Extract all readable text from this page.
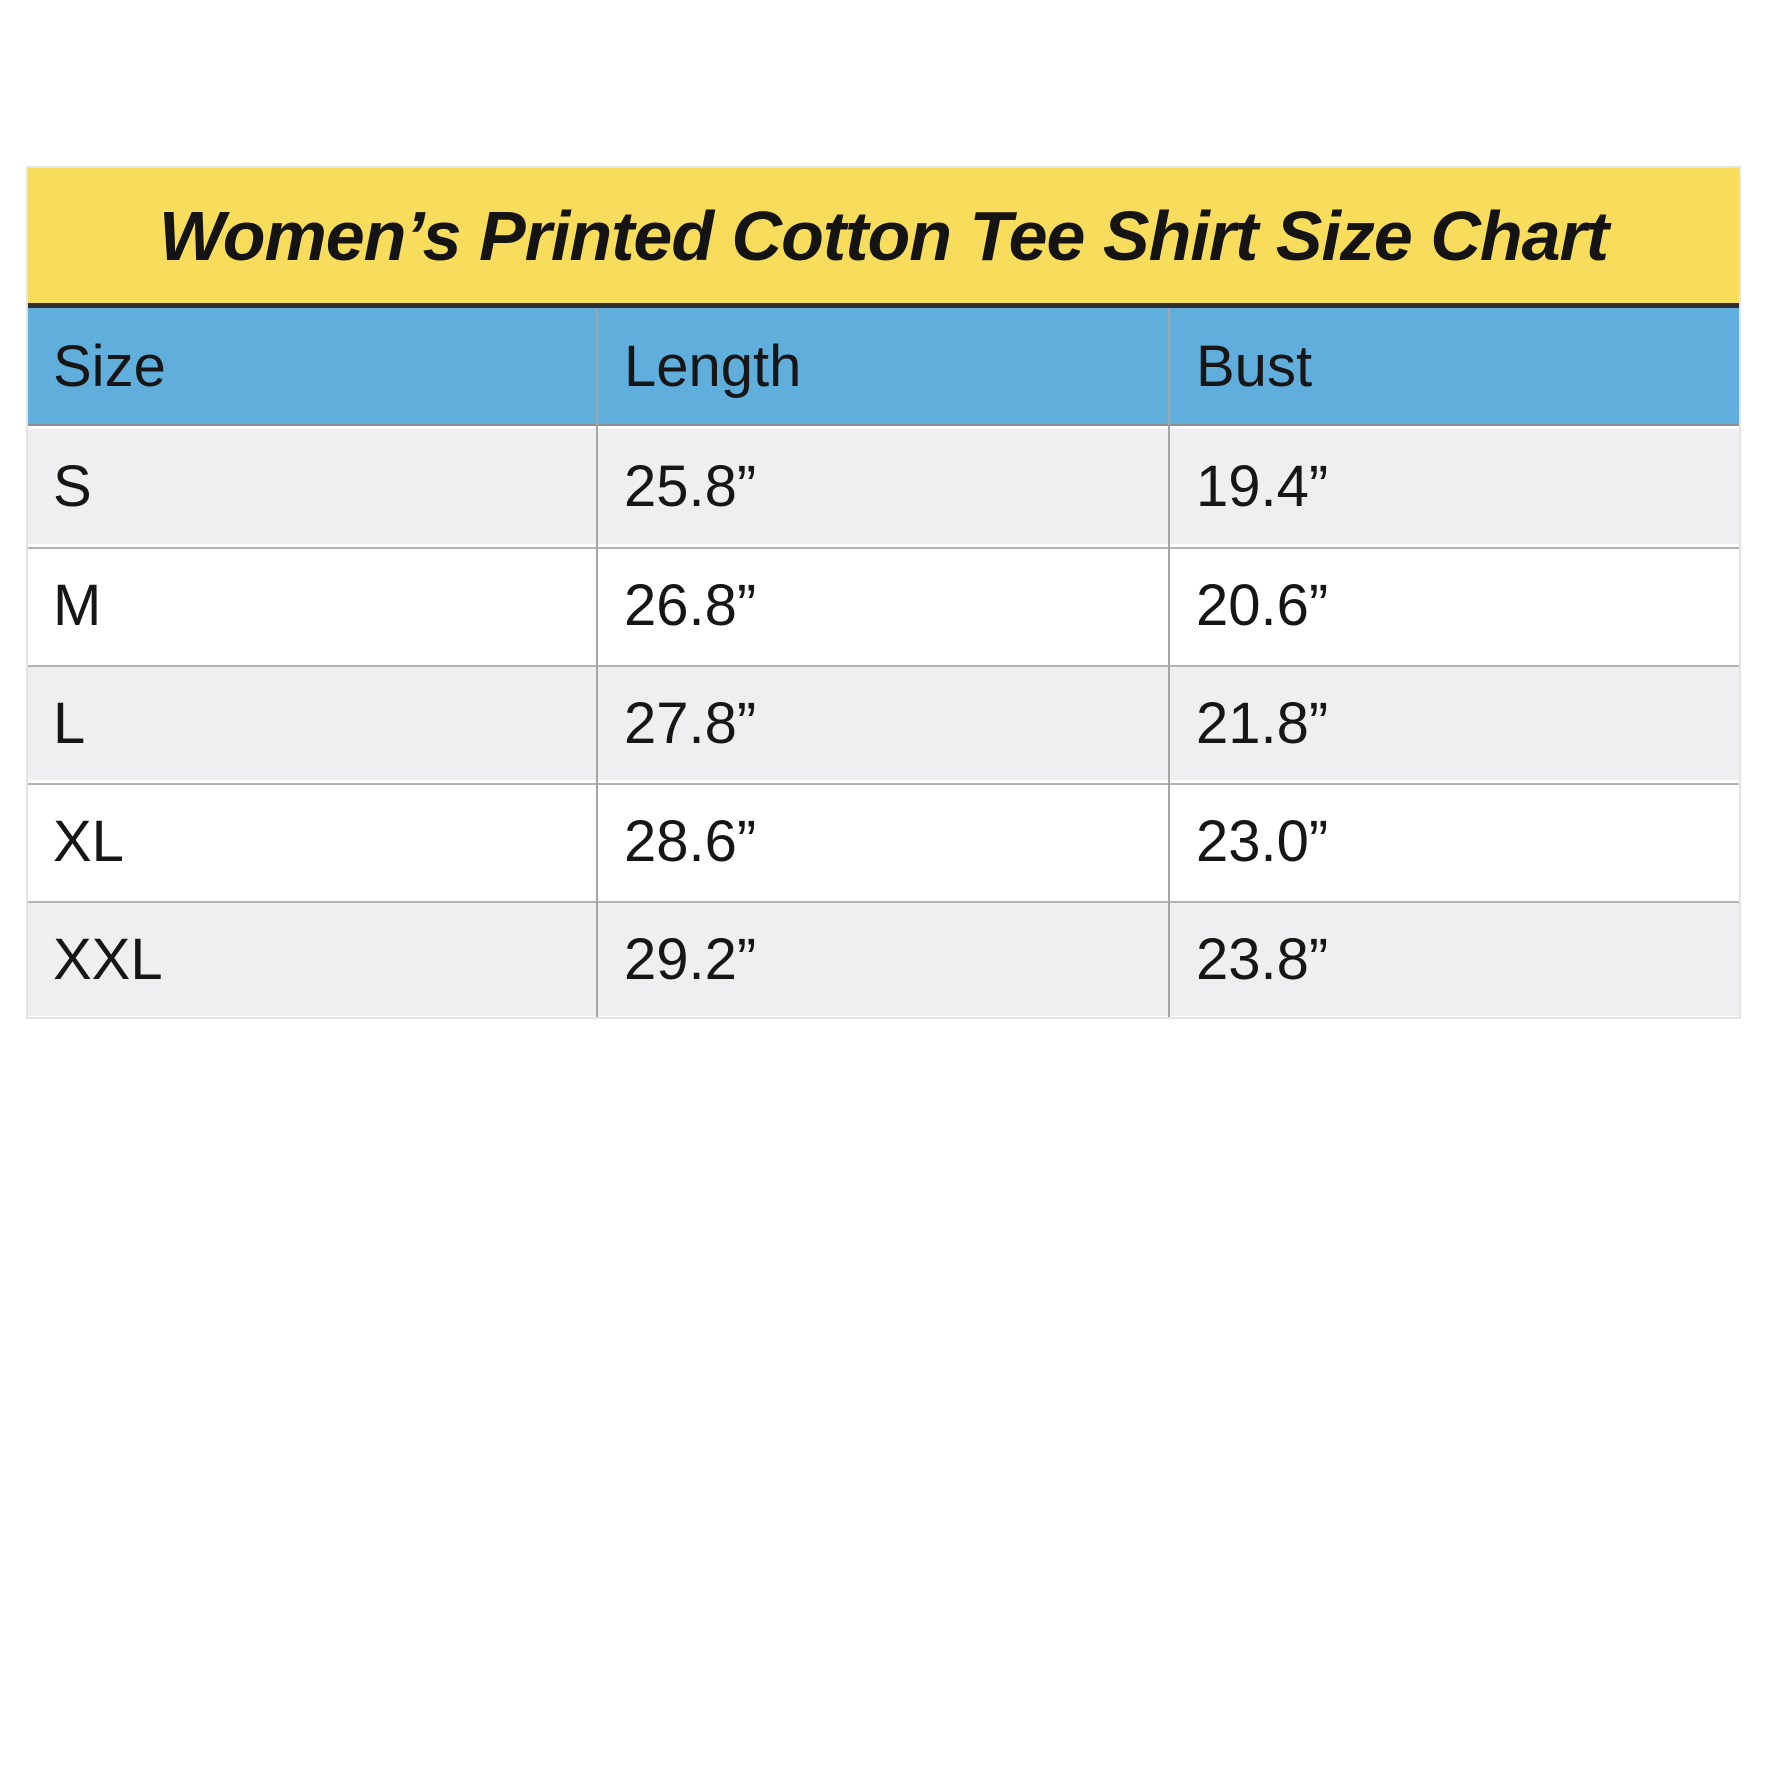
Women’s Printed Cotton Tee Shirt Size Chart
Size	Length	Bust
S	25.8”	19.4”
M	26.8”	20.6”
L	27.8”	21.8”
XL	28.6”	23.0”
XXL	29.2”	23.8”
